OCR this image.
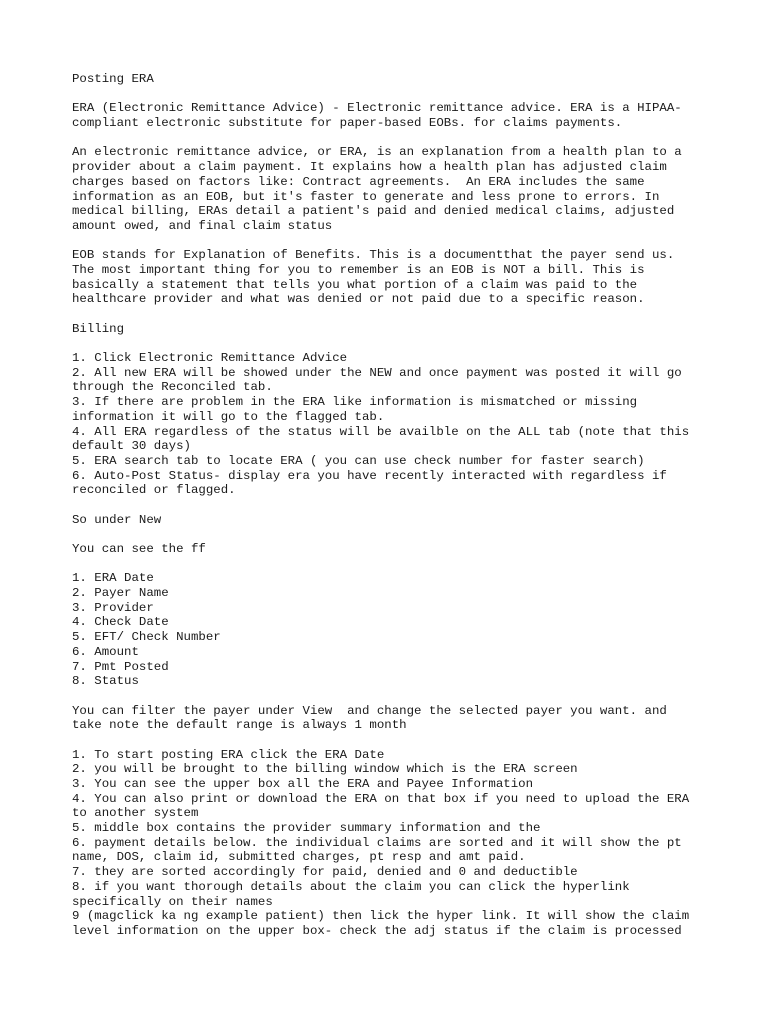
Posting ERA
ERA (Electronic Remittance Advice) - Electronic remittance advice. ERA is a HIPAA-
compliant electronic substitute for paper-based EOBs. for claims payments.
An electronic remittance advice, or ERA, is an explanation from a health plan to a
provider about a claim payment. It explains how a health plan has adjusted claim
charges based on factors like: Contract agreements.  An ERA includes the same
information as an EOB, but it's faster to generate and less prone to errors. In
medical billing, ERAs detail a patient's paid and denied medical claims, adjusted
amount owed, and final claim status
EOB stands for Explanation of Benefits. This is a documentthat the payer send us.
The most important thing for you to remember is an EOB is NOT a bill. This is
basically a statement that tells you what portion of a claim was paid to the
healthcare provider and what was denied or not paid due to a specific reason.
Billing
1. Click Electronic Remittance Advice
2. All new ERA will be showed under the NEW and once payment was posted it will go
through the Reconciled tab.
3. If there are problem in the ERA like information is mismatched or missing
information it will go to the flagged tab.
4. All ERA regardless of the status will be availble on the ALL tab (note that this
default 30 days)
5. ERA search tab to locate ERA ( you can use check number for faster search)
6. Auto-Post Status- display era you have recently interacted with regardless if
reconciled or flagged.
So under New
You can see the ff
1. ERA Date
2. Payer Name
3. Provider
4. Check Date
5. EFT/ Check Number
6. Amount
7. Pmt Posted
8. Status
You can filter the payer under View  and change the selected payer you want. and
take note the default range is always 1 month
1. To start posting ERA click the ERA Date
2. you will be brought to the billing window which is the ERA screen
3. You can see the upper box all the ERA and Payee Information
4. You can also print or download the ERA on that box if you need to upload the ERA
to another system
5. middle box contains the provider summary information and the
6. payment details below. the individual claims are sorted and it will show the pt
name, DOS, claim id, submitted charges, pt resp and amt paid.
7. they are sorted accordingly for paid, denied and 0 and deductible
8. if you want thorough details about the claim you can click the hyperlink
specifically on their names
9 (magclick ka ng example patient) then lick the hyper link. It will show the claim
level information on the upper box- check the adj status if the claim is processed
